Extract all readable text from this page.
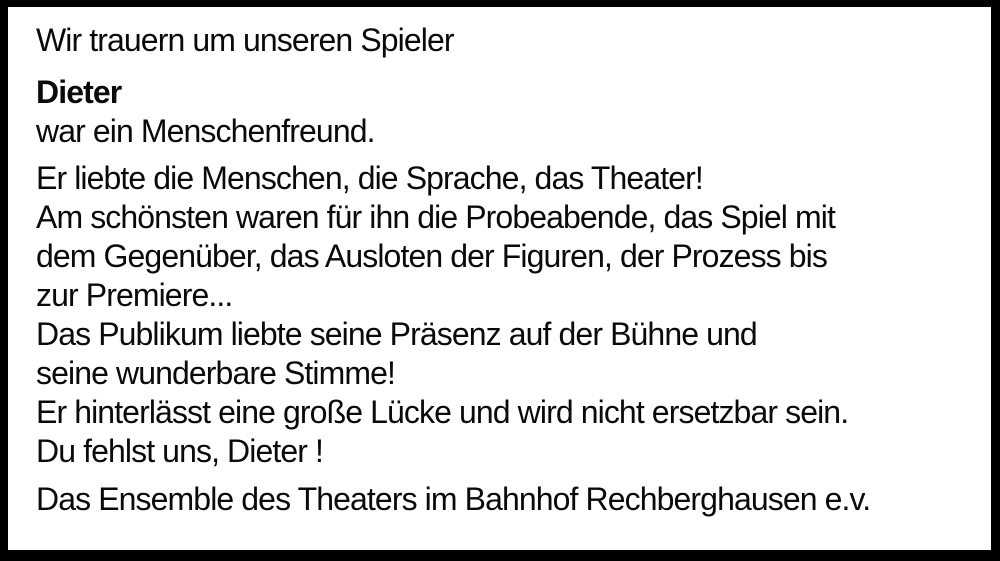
Wir trauern um unseren Spieler
Dieter
war ein Menschenfreund.
Er liebte die Menschen, die Sprache, das Theater!
Am schönsten waren für ihn die Probeabende, das Spiel mit
dem Gegenüber, das Ausloten der Figuren, der Prozess bis
zur Premiere...
Das Publikum liebte seine Präsenz auf der Bühne und
seine wunderbare Stimme!
Er hinterlässt eine große Lücke und wird nicht ersetzbar sein.
Du fehlst uns, Dieter !
Das Ensemble des Theaters im Bahnhof Rechberghausen e.v.
